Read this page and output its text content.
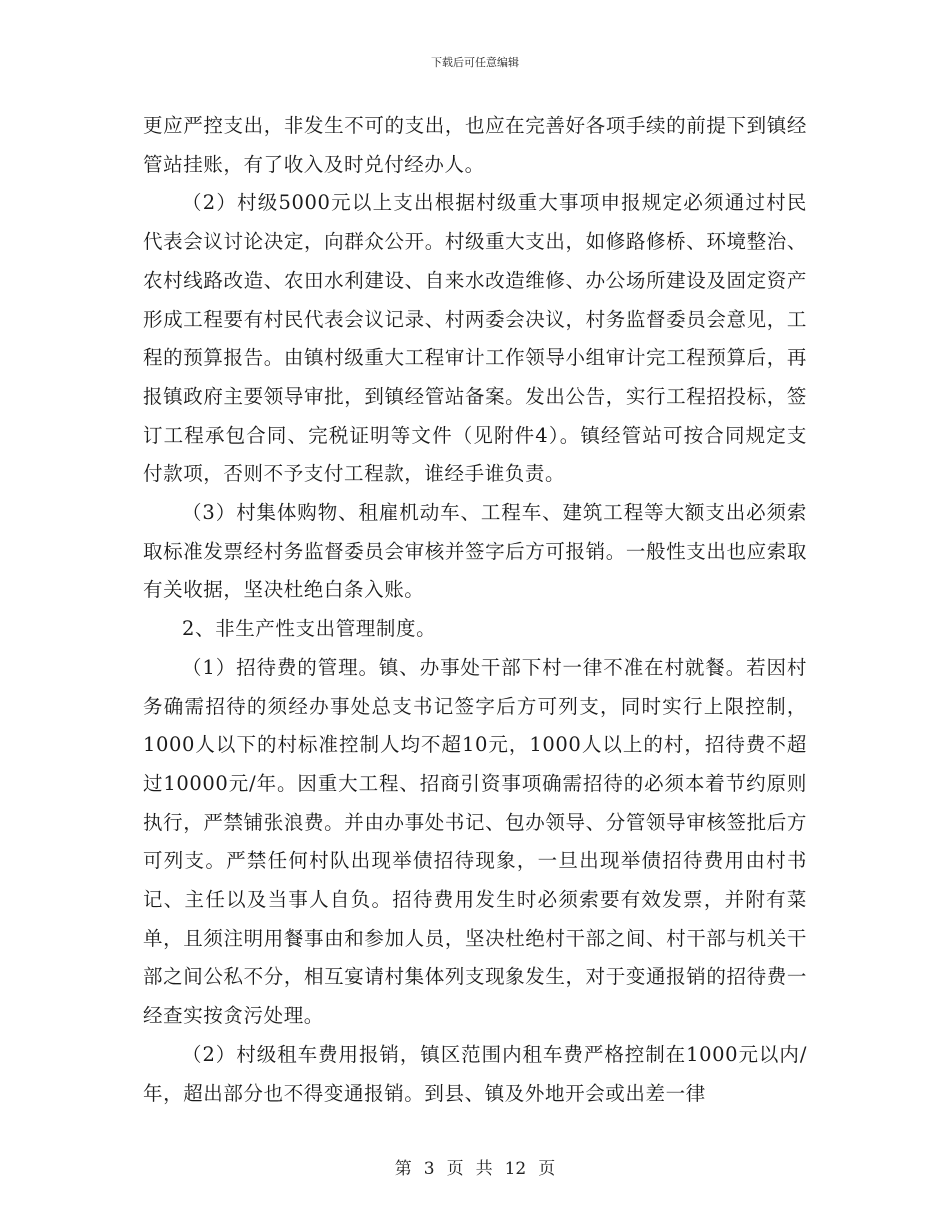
下载后可任意编辑

更应严控支出，非发生不可的支出，也应在完善好各项手续的前提下到镇经管站挂账，有了收入及时兑付经办人。

（2）村级5000元以上支出根据村级重大事项申报规定必须通过村民代表会议讨论决定，向群众公开。村级重大支出，如修路修桥、环境整治、农村线路改造、农田水利建设、自来水改造维修、办公场所建设及固定资产形成工程要有村民代表会议记录、村两委会决议，村务监督委员会意见，工程的预算报告。由镇村级重大工程审计工作领导小组审计完工程预算后，再报镇政府主要领导审批，到镇经管站备案。发出公告，实行工程招投标，签订工程承包合同、完税证明等文件（见附件4）。镇经管站可按合同规定支付款项，否则不予支付工程款，谁经手谁负责。

（3）村集体购物、租雇机动车、工程车、建筑工程等大额支出必须索取标准发票经村务监督委员会审核并签字后方可报销。一般性支出也应索取有关收据，坚决杜绝白条入账。

2、非生产性支出管理制度。

（1）招待费的管理。镇、办事处干部下村一律不准在村就餐。若因村务确需招待的须经办事处总支书记签字后方可列支，同时实行上限控制，1000人以下的村标准控制人均不超10元，1000人以上的村，招待费不超过10000元/年。因重大工程、招商引资事项确需招待的必须本着节约原则执行，严禁铺张浪费。并由办事处书记、包办领导、分管领导审核签批后方可列支。严禁任何村队出现举债招待现象，一旦出现举债招待费用由村书记、主任以及当事人自负。招待费用发生时必须索要有效发票，并附有菜单，且须注明用餐事由和参加人员，坚决杜绝村干部之间、村干部与机关干部之间公私不分，相互宴请村集体列支现象发生，对于变通报销的招待费一经查实按贪污处理。

（2）村级租车费用报销，镇区范围内租车费严格控制在1000元以内/年，超出部分也不得变通报销。到县、镇及外地开会或出差一律

第 3 页 共 12 页
